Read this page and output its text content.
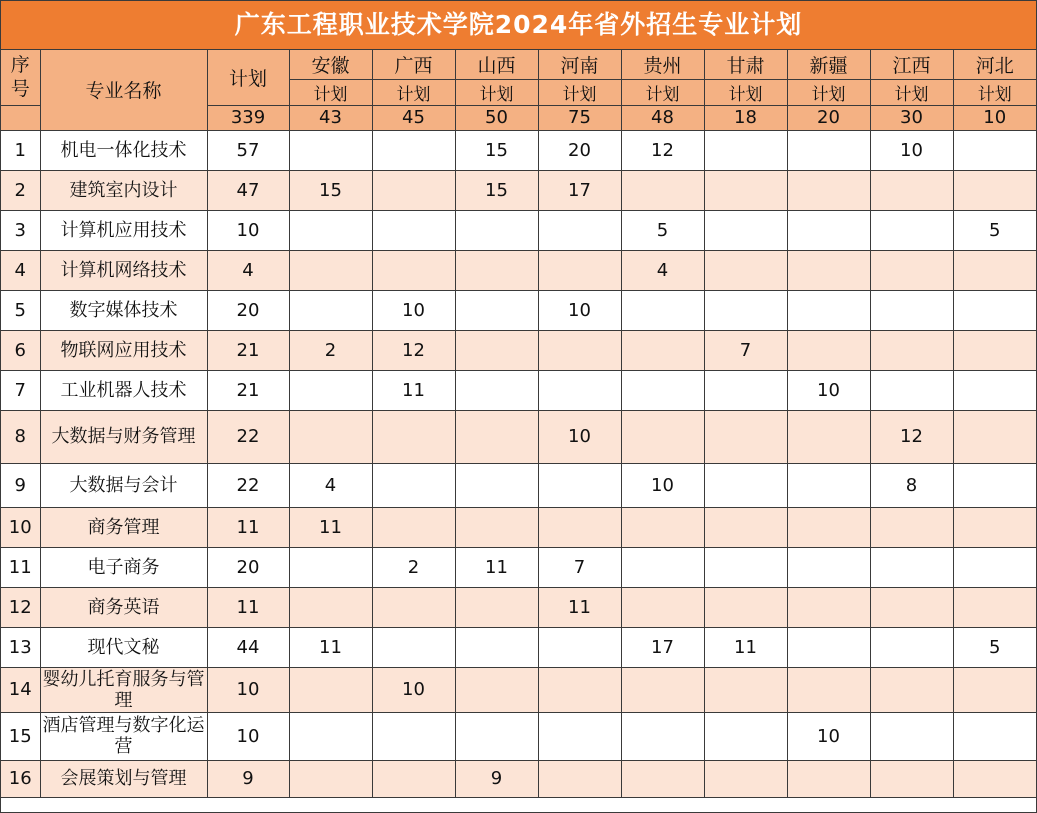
广东工程职业技术学院2024年省外招生专业计划
序号	专业名称	计划	安徽	广西	山西	河南	贵州	甘肃	新疆	江西	河北
			计划	计划	计划	计划	计划	计划	计划	计划	计划
		339	43	45	50	75	48	18	20	30	10
1	机电一体化技术	57			15	20	12			10	
2	建筑室内设计	47	15		15	17					
3	计算机应用技术	10					5				5
4	计算机网络技术	4					4				
5	数字媒体技术	20		10		10					
6	物联网应用技术	21	2	12				7			
7	工业机器人技术	21		11					10		
8	大数据与财务管理	22				10				12	
9	大数据与会计	22	4				10			8	
10	商务管理	11	11								
11	电子商务	20		2	11	7					
12	商务英语	11				11					
13	现代文秘	44	11				17	11			5
14	婴幼儿托育服务与管理	10		10							
15	酒店管理与数字化运营	10							10		
16	会展策划与管理	9			9						
